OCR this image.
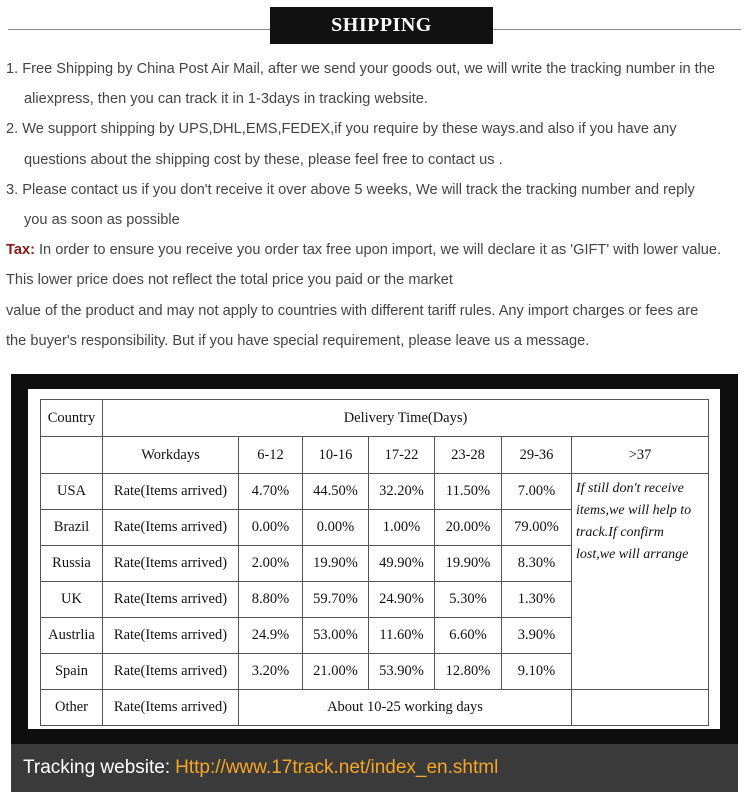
SHIPPING

1. Free Shipping by China Post Air Mail, after we send your goods out, we will write the tracking number in the

aliexpress, then you can track it in 1-3days in tracking website.

2. We support shipping by UPS,DHL,EMS,FEDEX,if you require by these ways.and also if you have any

questions about the shipping cost by these, please feel free to contact us .

3. Please contact us if you don't receive it over above 5 weeks, We will track the tracking number and reply

you as soon as possible

Tax: In order to ensure you receive you order tax free upon import, we will declare it as 'GIFT' with lower value.

This lower price does not reflect the total price you paid or the market

value of the product and may not apply to countries with different tariff rules. Any import charges or fees are

the buyer's responsibility. But if you have special requirement, please leave us a message.

Country	Delivery Time(Days)						
	Workdays	6-12	10-16	17-22	23-28	29-36	>37
USA	Rate(Items arrived)	4.70%	44.50%	32.20%	11.50%	7.00%	If still don't receive items,we will help to track.If confirm lost,we will arrange
Brazil	Rate(Items arrived)	0.00%	0.00%	1.00%	20.00%	79.00%	
Russia	Rate(Items arrived)	2.00%	19.90%	49.90%	19.90%	8.30%	
UK	Rate(Items arrived)	8.80%	59.70%	24.90%	5.30%	1.30%	
Austrlia	Rate(Items arrived)	24.9%	53.00%	11.60%	6.60%	3.90%	
Spain	Rate(Items arrived)	3.20%	21.00%	53.90%	12.80%	9.10%	
Other	Rate(Items arrived)	About 10-25 working days					
Tracking website: Http://www.17track.net/index_en.shtml
